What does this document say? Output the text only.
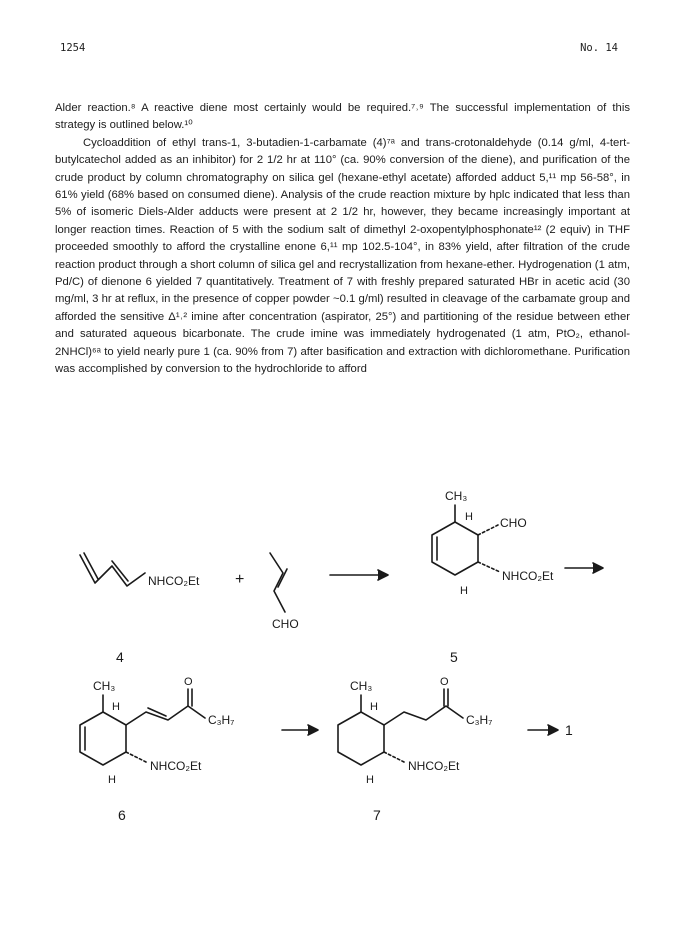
1254	No. 14

Alder reaction.⁸ A reactive diene most certainly would be required.⁷˒⁹ The successful implementation of this strategy is outlined below.¹⁰

Cycloaddition of ethyl trans-1, 3-butadien-1-carbamate (4)⁷ᵃ and trans-crotonaldehyde (0.14 g/ml, 4-tert-butylcatechol added as an inhibitor) for 2 1/2 hr at 110° (ca. 90% conversion of the diene), and purification of the crude product by column chromatography on silica gel (hexane-ethyl acetate) afforded adduct 5,¹¹ mp 56-58°, in 61% yield (68% based on consumed diene). Analysis of the crude reaction mixture by hplc indicated that less than 5% of isomeric Diels-Alder adducts were present at 2 1/2 hr, however, they became increasingly important at longer reaction times. Reaction of 5 with the sodium salt of dimethyl 2-oxopentylphosphonate¹² (2 equiv) in THF proceeded smoothly to afford the crystalline enone 6,¹¹ mp 102.5-104°, in 83% yield, after filtration of the crude reaction product through a short column of silica gel and recrystallization from hexane-ether. Hydrogenation (1 atm, Pd/C) of dienone 6 yielded 7 quantitatively. Treatment of 7 with freshly prepared saturated HBr in acetic acid (30 mg/ml, 3 hr at reflux, in the presence of copper powder ~0.1 g/ml) resulted in cleavage of the carbamate group and afforded the sensitive Δ¹˒² imine after concentration (aspirator, 25°) and partitioning of the residue between ether and saturated aqueous bicarbonate. The crude imine was immediately hydrogenated (1 atm, PtO₂, ethanol-2NHCl)⁶ᵃ to yield nearly pure 1 (ca. 90% from 7) after basification and extraction with dichloromethane. Purification was accomplished by conversion to the hydrochloride to afford

NHCO₂Et +
CHO
4
CH₃
H CHO
H
NHCO₂Et
5
CH₃
H
O
C₃H₇
H
NHCO₂Et
6
CH₃
H
O
C₃H₇
H
NHCO₂Et
7
1
